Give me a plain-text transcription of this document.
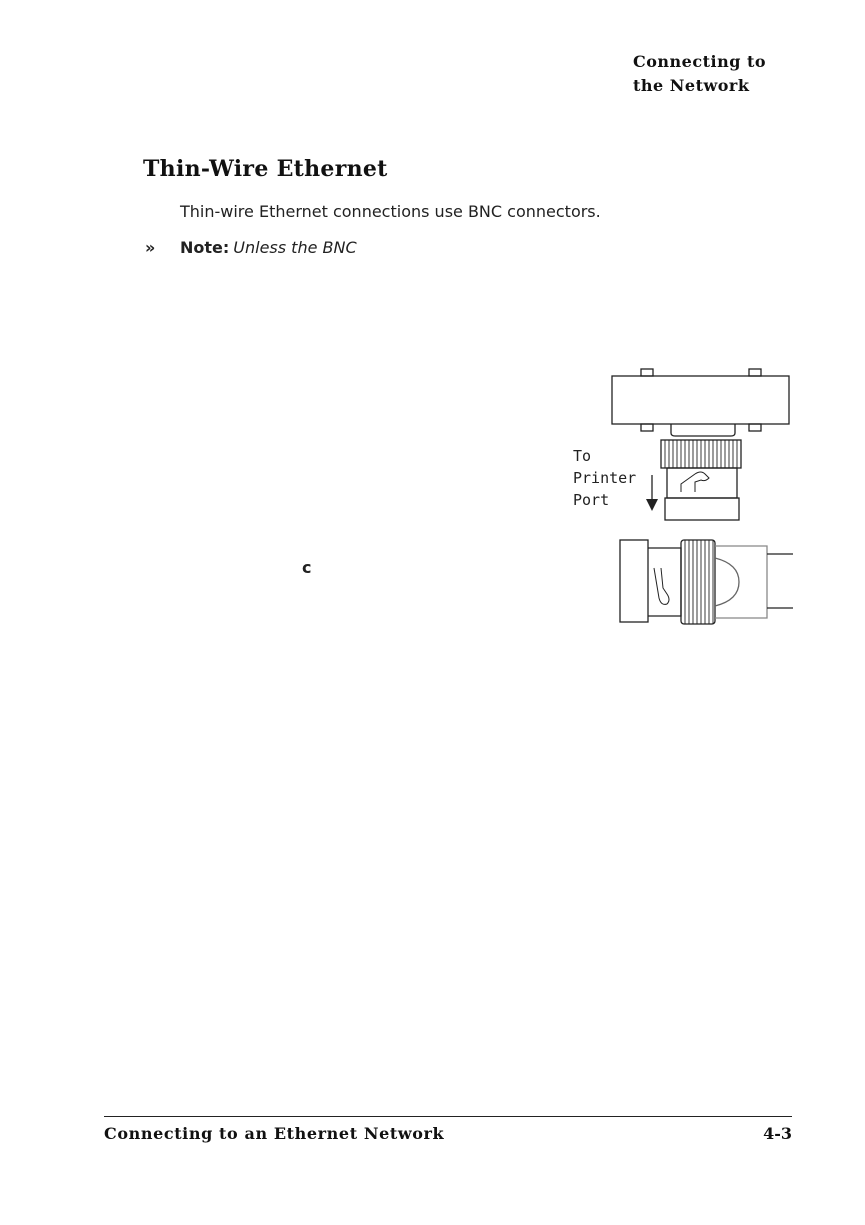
Connecting to
the Network
Thin-Wire Ethernet
Thin-wire Ethernet connections use BNC connectors.
» Note: Unless the BNC
c
To
Printer
Port
Connecting to an Ethernet Network	4-3
